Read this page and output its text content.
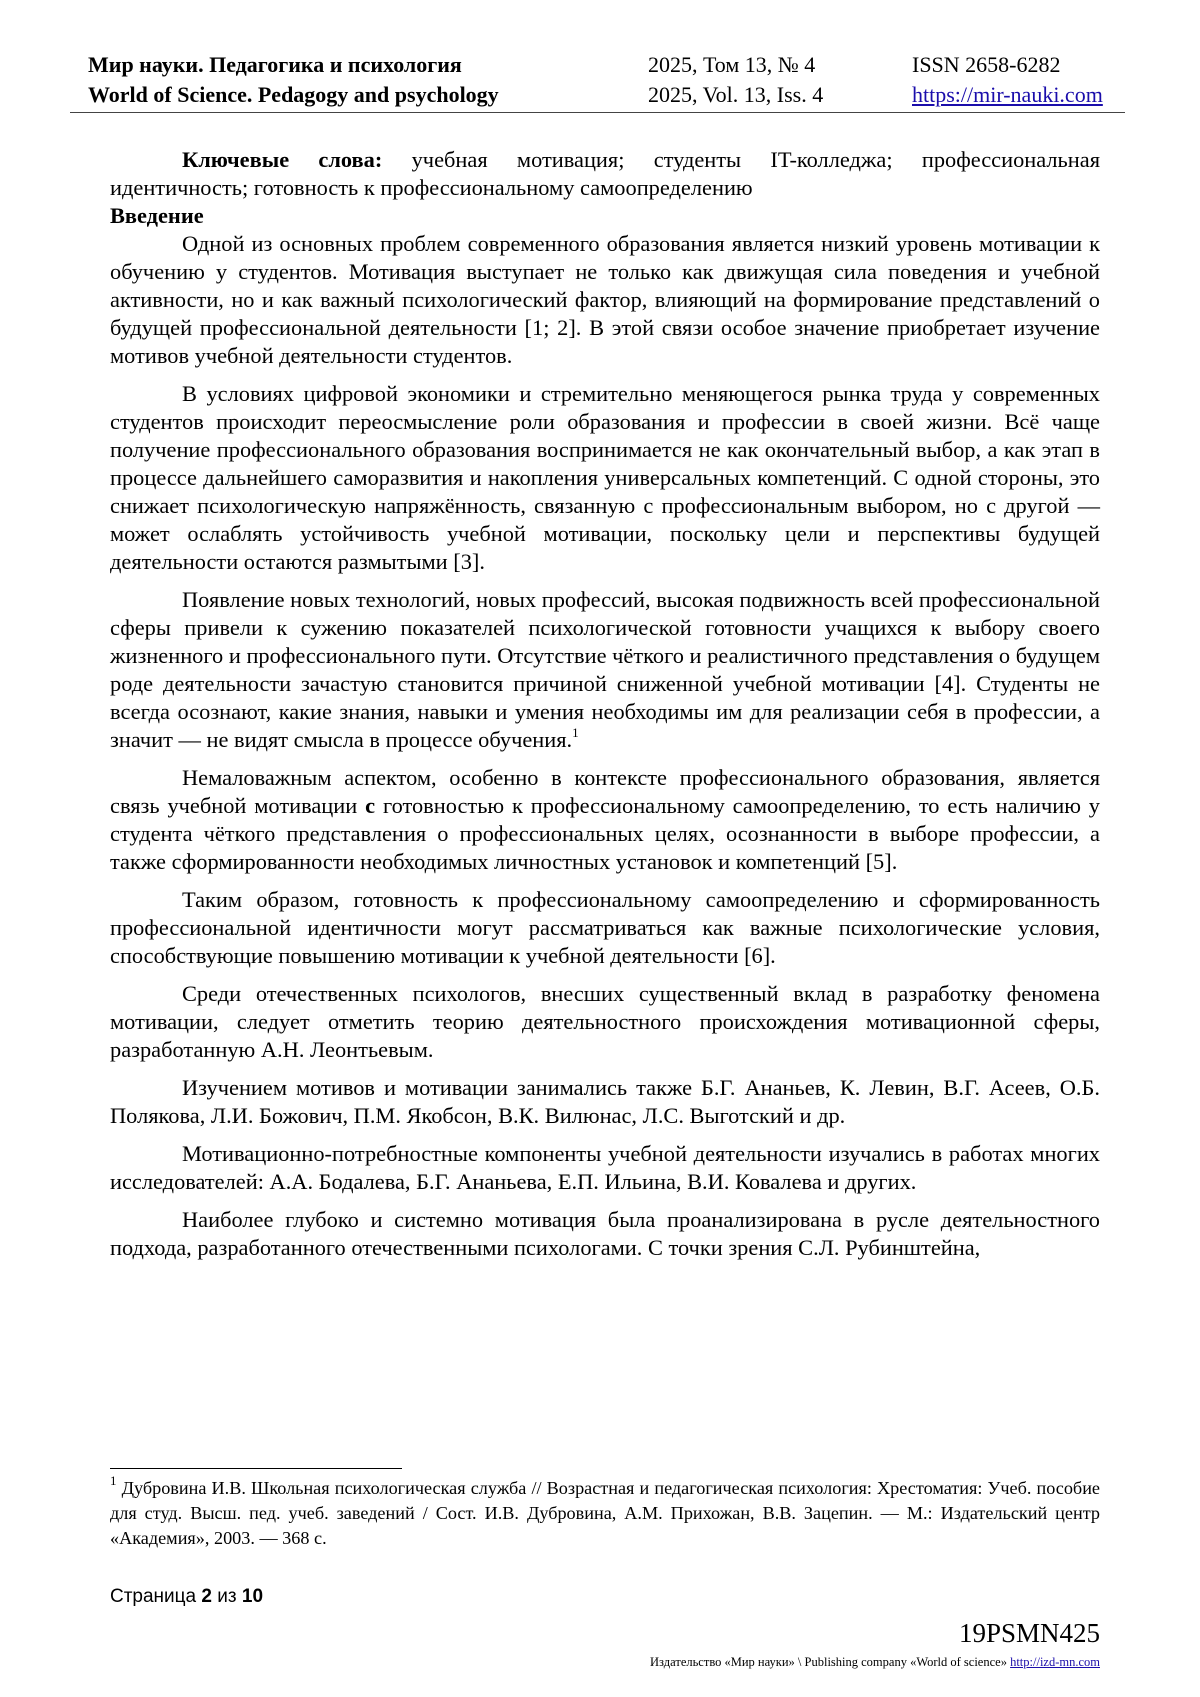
Мир науки. Педагогика и психология
World of Science. Pedagogy and psychology
2025, Том 13, № 4
2025, Vol. 13, Iss. 4
ISSN 2658-6282
https://mir-nauki.com

Ключевые слова: учебная мотивация; студенты IT-колледжа; профессиональная идентичность; готовность к профессиональному самоопределению

Введение

Одной из основных проблем современного образования является низкий уровень мотивации к обучению у студентов. Мотивация выступает не только как движущая сила поведения и учебной активности, но и как важный психологический фактор, влияющий на формирование представлений о будущей профессиональной деятельности [1; 2]. В этой связи особое значение приобретает изучение мотивов учебной деятельности студентов.

В условиях цифровой экономики и стремительно меняющегося рынка труда у современных студентов происходит переосмысление роли образования и профессии в своей жизни. Всё чаще получение профессионального образования воспринимается не как окончательный выбор, а как этап в процессе дальнейшего саморазвития и накопления универсальных компетенций. С одной стороны, это снижает психологическую напряжённость, связанную с профессиональным выбором, но с другой — может ослаблять устойчивость учебной мотивации, поскольку цели и перспективы будущей деятельности остаются размытыми [3].

Появление новых технологий, новых профессий, высокая подвижность всей профессиональной сферы привели к сужению показателей психологической готовности учащихся к выбору своего жизненного и профессионального пути. Отсутствие чёткого и реалистичного представления о будущем роде деятельности зачастую становится причиной сниженной учебной мотивации [4]. Студенты не всегда осознают, какие знания, навыки и умения необходимы им для реализации себя в профессии, а значит — не видят смысла в процессе обучения.$^1$

Немаловажным аспектом, особенно в контексте профессионального образования, является связь учебной мотивации с готовностью к профессиональному самоопределению, то есть наличию у студента чёткого представления о профессиональных целях, осознанности в выборе профессии, а также сформированности необходимых личностных установок и компетенций [5].

Таким образом, готовность к профессиональному самоопределению и сформированность профессиональной идентичности могут рассматриваться как важные психологические условия, способствующие повышению мотивации к учебной деятельности [6].

Среди отечественных психологов, внесших существенный вклад в разработку феномена мотивации, следует отметить теорию деятельностного происхождения мотивационной сферы, разработанную А.Н. Леонтьевым.

Изучением мотивов и мотивации занимались также Б.Г. Ананьев, К. Левин, В.Г. Асеев, О.Б. Полякова, Л.И. Божович, П.М. Якобсон, В.К. Вилюнас, Л.С. Выготский и др.

Мотивационно-потребностные компоненты учебной деятельности изучались в работах многих исследователей: А.А. Бодалева, Б.Г. Ананьева, Е.П. Ильина, В.И. Ковалева и других.

Наиболее глубоко и системно мотивация была проанализирована в русле деятельностного подхода, разработанного отечественными психологами. С точки зрения С.Л. Рубинштейна,

$^1$ Дубровина И.В. Школьная психологическая служба // Возрастная и педагогическая психология: Хрестоматия: Учеб. пособие для студ. Высш. пед. учеб. заведений / Сост. И.В. Дубровина, А.М. Прихожан, В.В. Зацепин. — М.: Издательский центр «Академия», 2003. — 368 с.
Страница 2 из 10
19PSMN425
Издательство «Мир науки» \ Publishing company «World of science» http://izd-mn.com
